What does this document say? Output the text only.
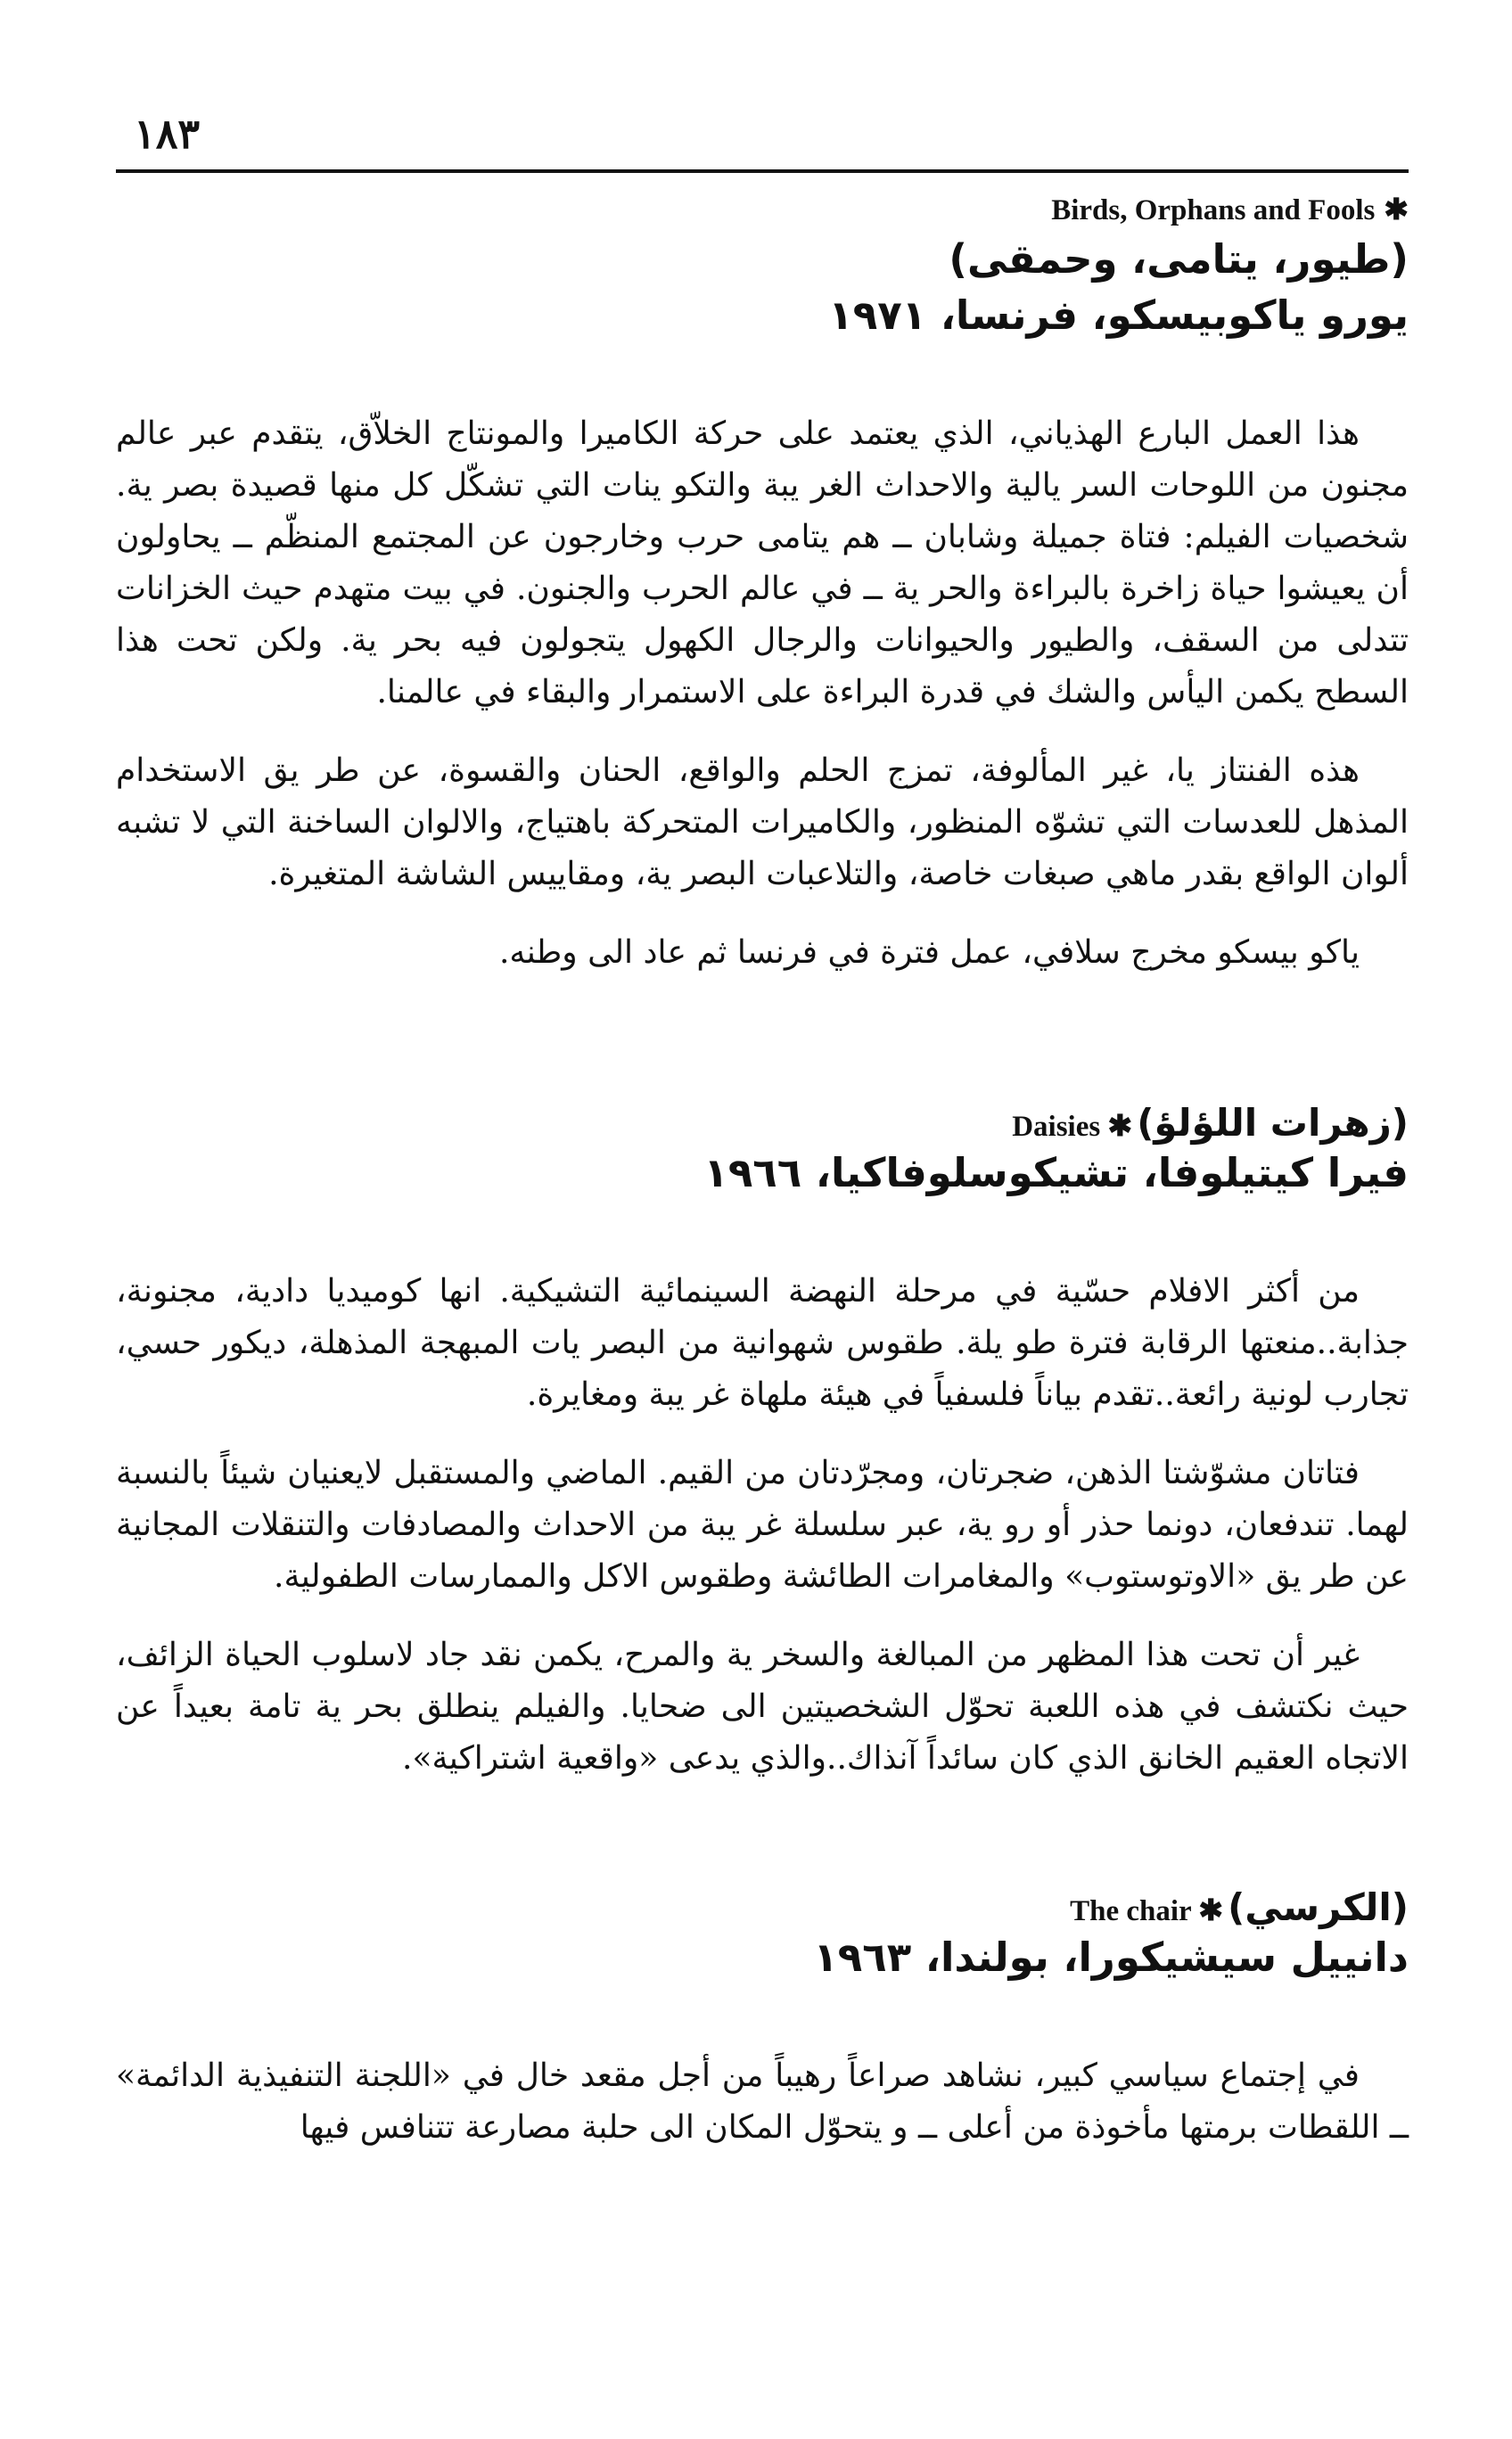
١٨٣
Birds, Orphans and Fools ✱
(طيور، يتامى، وحمقى)
يورو ياكوبيسكو، فرنسا، ١٩٧١

هذا العمل البارع الهذياني، الذي يعتمد على حركة الكاميرا والمونتاج الخلاّق، يتقدم عبر عالم مجنون من اللوحات السر يالية والاحداث الغر يبة والتكو ينات التي تشكّل كل منها قصيدة بصر ية. شخصيات الفيلم: فتاة جميلة وشابان ــ هم يتامى حرب وخارجون عن المجتمع المنظّم ــ يحاولون أن يعيشوا حياة زاخرة بالبراءة والحر ية ــ في عالم الحرب والجنون. في بيت متهدم حيث الخزانات تتدلى من السقف، والطيور والحيوانات والرجال الكهول يتجولون فيه بحر ية. ولكن تحت هذا السطح يكمن اليأس والشك في قدرة البراءة على الاستمرار والبقاء في عالمنا.

هذه الفنتاز يا، غير المألوفة، تمزج الحلم والواقع، الحنان والقسوة، عن طر يق الاستخدام المذهل للعدسات التي تشوّه المنظور، والكاميرات المتحركة باهتياج، والالوان الساخنة التي لا تشبه ألوان الواقع بقدر ماهي صبغات خاصة، والتلاعبات البصر ية، ومقاييس الشاشة المتغيرة.

ياكو بيسكو مخرج سلافي، عمل فترة في فرنسا ثم عاد الى وطنه.

(زهرات اللؤلؤ) Daisies ✱
فيرا كيتيلوفا، تشيكوسلوفاكيا، ١٩٦٦

من أكثر الافلام حسّية في مرحلة النهضة السينمائية التشيكية. انها كوميديا دادية، مجنونة، جذابة..منعتها الرقابة فترة طو يلة. طقوس شهوانية من البصر يات المبهجة المذهلة، ديكور حسي، تجارب لونية رائعة..تقدم بياناً فلسفياً في هيئة ملهاة غر يبة ومغايرة.

فتاتان مشوّشتا الذهن، ضجرتان، ومجرّدتان من القيم. الماضي والمستقبل لايعنيان شيئاً بالنسبة لهما. تندفعان، دونما حذر أو رو ية، عبر سلسلة غر يبة من الاحداث والمصادفات والتنقلات المجانية عن طر يق «الاوتوستوب» والمغامرات الطائشة وطقوس الاكل والممارسات الطفولية.

غير أن تحت هذا المظهر من المبالغة والسخر ية والمرح، يكمن نقد جاد لاسلوب الحياة الزائف، حيث نكتشف في هذه اللعبة تحوّل الشخصيتين الى ضحايا. والفيلم ينطلق بحر ية تامة بعيداً عن الاتجاه العقيم الخانق الذي كان سائداً آنذاك..والذي يدعى «واقعية اشتراكية».

(الكرسي) The chair ✱
دانييل سيشيكورا، بولندا، ١٩٦٣

في إجتماع سياسي كبير، نشاهد صراعاً رهيباً من أجل مقعد خال في «اللجنة التنفيذية الدائمة» ــ اللقطات برمتها مأخوذة من أعلى ــ و يتحوّل المكان الى حلبة مصارعة تتنافس فيها
